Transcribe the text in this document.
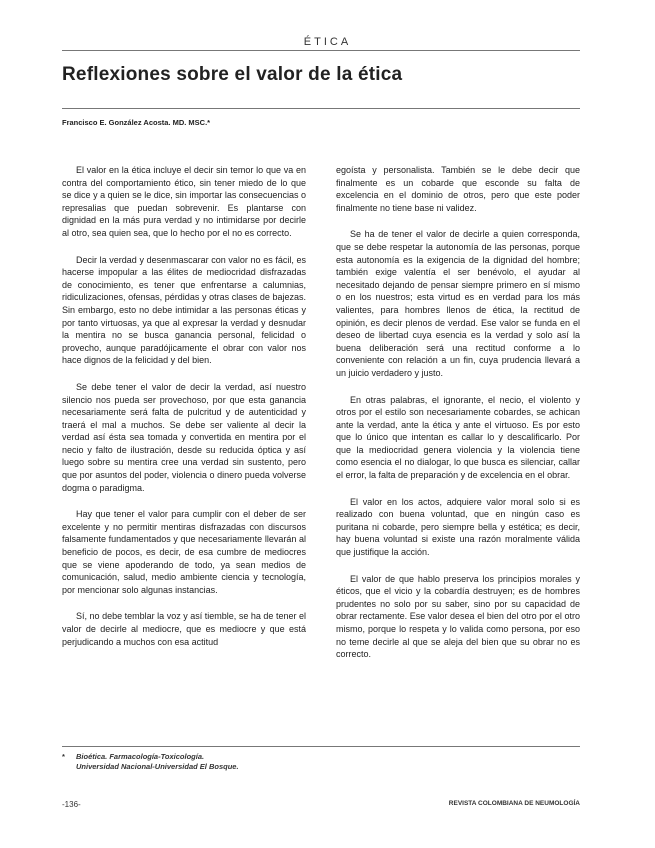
ÉTICA
Reflexiones sobre el valor de la ética
Francisco E. González Acosta. MD. MSC.*

El valor en la ética incluye el decir sin temor lo que va en contra del comportamiento ético, sin tener miedo de lo que se dice y a quien se le dice, sin importar las consecuencias o represalias que puedan sobrevenir. Es plantarse con dignidad en la más pura verdad y no intimidarse por decirle al otro, sea quien sea, que lo hecho por el no es correcto.

Decir la verdad y desenmascarar con valor no es fácil, es hacerse impopular a las élites de mediocridad disfrazadas de conocimiento, es tener que enfrentarse a calumnias, ridiculizaciones, ofensas, pérdidas y otras clases de bajezas. Sin embargo, esto no debe intimidar a las personas éticas y por tanto virtuosas, ya que al expresar la verdad y desnudar la mentira no se busca ganancia personal, felicidad o provecho, aunque paradójicamente el obrar con valor nos hace dignos de la felicidad y del bien.

Se debe tener el valor de decir la verdad, así nuestro silencio nos pueda ser provechoso, por que esta ganancia necesariamente será falta de pulcritud y de autenticidad y traerá el mal a muchos. Se debe ser valiente al decir la verdad así ésta sea tomada y convertida en mentira por el necio y falto de ilustración, desde su reducida óptica y así luego sobre su mentira cree una verdad sin sustento, pero que por asuntos del poder, violencia o dinero pueda volverse dogma o paradigma.

Hay que tener el valor para cumplir con el deber de ser excelente y no permitir mentiras disfrazadas con discursos falsamente fundamentados y que necesariamente llevarán al beneficio de pocos, es decir, de esa cumbre de mediocres que se viene apoderando de todo, ya sean medios de comunicación, salud, medio ambiente ciencia y tecnología, por mencionar solo algunas instancias.

Sí, no debe temblar la voz y así tiemble, se ha de tener el valor de decirle al mediocre, que es mediocre y que está perjudicando a muchos con esa actitud

egoísta y personalista. También se le debe decir que finalmente es un cobarde que esconde su falta de excelencia en el dominio de otros, pero que este poder finalmente no tiene base ni validez.

Se ha de tener el valor de decirle a quien corresponda, que se debe respetar la autonomía de las personas, porque esta autonomía es la exigencia de la dignidad del hombre; también exige valentía el ser benévolo, el ayudar al necesitado dejando de pensar siempre primero en sí mismo o en los nuestros; esta virtud es en verdad para los más valientes, para hombres llenos de ética, la rectitud de opinión, es decir plenos de verdad. Ese valor se funda en el deseo de libertad cuya esencia es la verdad y solo así la buena deliberación será una rectitud conforme a lo conveniente con relación a un fin, cuya prudencia llevará a un juicio verdadero y justo.

En otras palabras, el ignorante, el necio, el violento y otros por el estilo son necesariamente cobardes, se achican ante la verdad, ante la ética y ante el virtuoso. Es por esto que lo único que intentan es callar lo y descalificarlo. Por que la mediocridad genera violencia y la violencia tiene como esencia el no dialogar, lo que busca es silenciar, callar el error, la falta de preparación y de excelencia en el obrar.

El valor en los actos, adquiere valor moral solo si es realizado con buena voluntad, que en ningún caso es puritana ni cobarde, pero siempre bella y estética; es decir, hay buena voluntad si existe una razón moralmente válida que justifique la acción.

El valor de que hablo preserva los principios morales y éticos, que el vicio y la cobardía destruyen; es de hombres prudentes no solo por su saber, sino por su capacidad de obrar rectamente. Ese valor desea el bien del otro por el otro mismo, porque lo respeta y lo valida como persona, por eso no teme decirle al que se aleja del bien que su obrar no es correcto.

* Bioética. Farmacología-Toxicología.
Universidad Nacional-Universidad El Bosque.
-136-	REVISTA COLOMBIANA DE NEUMOLOGÍA
